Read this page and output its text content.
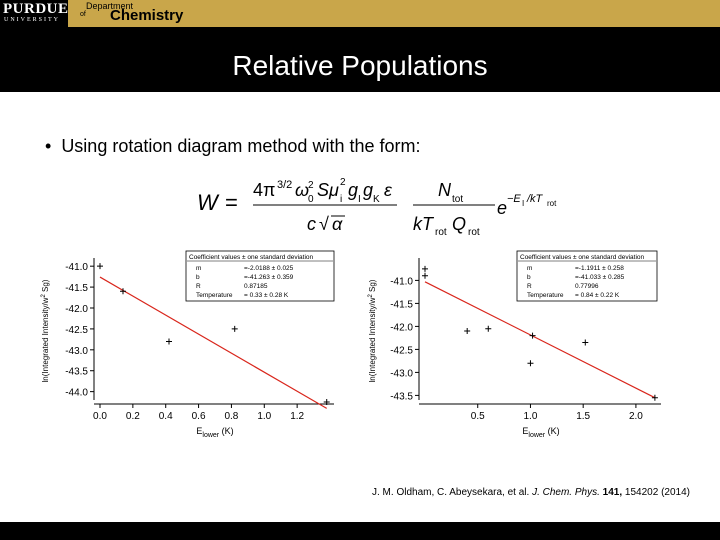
PURDUE
UNIVERSITY
Department
of Chemistry
Relative Populations
•  Using rotation diagram method with the form:
W = 4π 3/2 ω
0
2 Sμ i
2 g I g K ε
c √ α
N tot
kT rot Q rot
e −E I /kT rot
-41.0
-41.5
-42.0
-42.5
-43.0
-43.5
-44.0
0.0 0.2 0.4 0.6 0.8 1.0 1.2
$E_{lower}$ (K)
ln(Integrated Intensity/$w^2$ Sg)
Coefficient values ± one standard deviation
m	=-2.0188 ± 0.025
b	=-41.263 ± 0.359
R	0.87185
Temperature = 0.33 ± 0.28 K
-41.0
-41.5
-42.0
-42.5
-43.0
-43.5
0.5	1.0	1.5	2.0
$E_{lower}$ (K)
ln(Integrated Intensity/$w^2$ Sg)
Coefficient values ± one standard deviation
m	=-1.1911 ± 0.258
b	=-41.033 ± 0.285
R	0.77996
Temperature = 0.84 ± 0.22 K
J. M. Oldham, C. Abeysekara, et al. J. Chem. Phys. 141, 154202 (2014)
